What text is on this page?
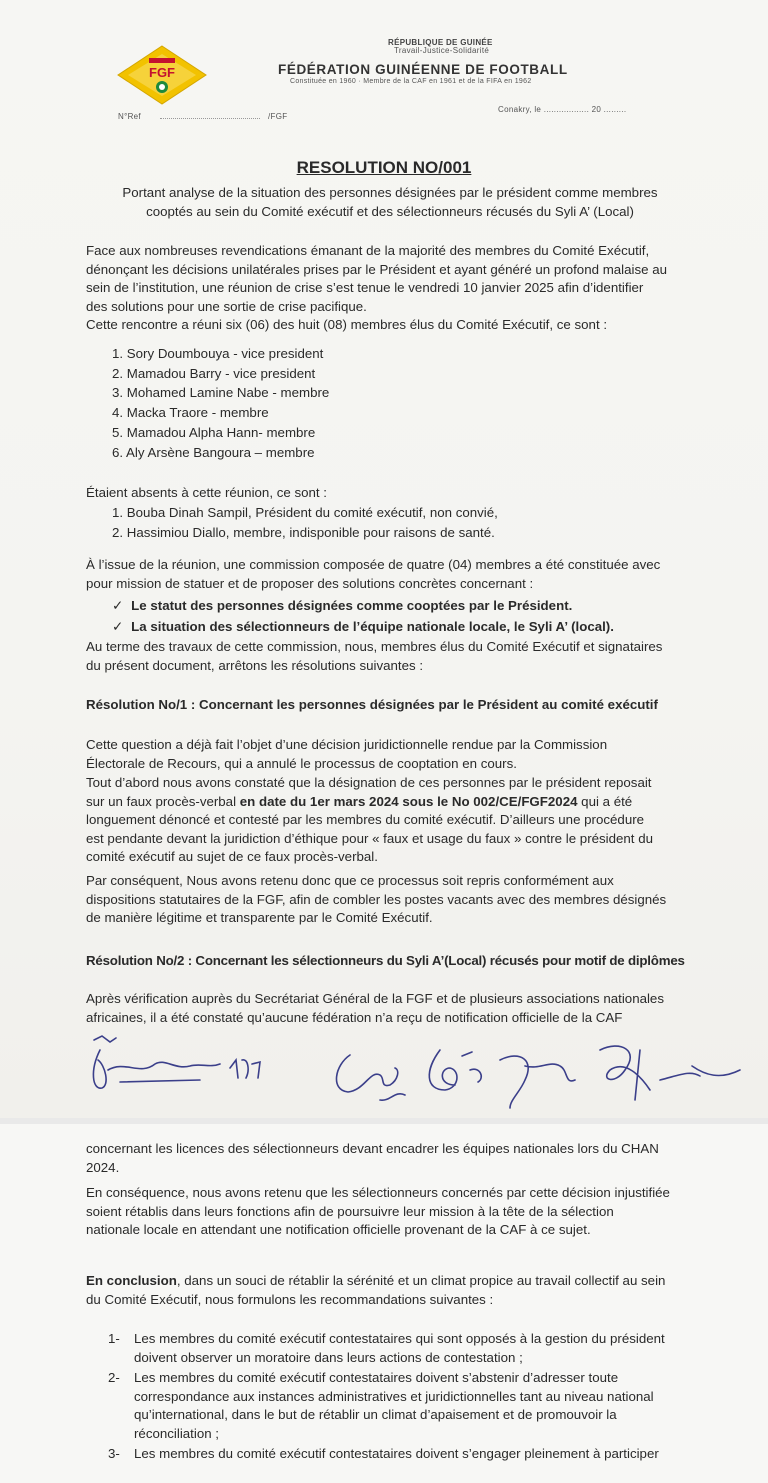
FGF
RÉPUBLIQUE DE GUINÉE
Travail-Justice-Solidarité
FÉDÉRATION GUINÉENNE DE FOOTBALL
Constituée en 1960 · Membre de la CAF en 1961 et de la FIFA en 1962
N°Ref	/FGF
Conakry, le .................. 20 .........
RESOLUTION NO/001
Portant analyse de la situation des personnes désignées par le président comme membres
cooptés au sein du Comité exécutif et des sélectionneurs récusés du Syli A’ (Local)
Face aux nombreuses revendications émanant de la majorité des membres du Comité Exécutif,
dénonçant les décisions unilatérales prises par le Président et ayant généré un profond malaise au
sein de l’institution, une réunion de crise s’est tenue le vendredi 10 janvier 2025 afin d’identifier
des solutions pour une sortie de crise pacifique.
Cette rencontre a réuni six (06) des huit (08) membres élus du Comité Exécutif, ce sont :
1. Sory Doumbouya - vice president
2. Mamadou Barry - vice president
3. Mohamed Lamine Nabe - membre
4. Macka Traore - membre
5. Mamadou Alpha Hann- membre
6. Aly Arsène Bangoura – membre
Étaient absents à cette réunion, ce sont :
1. Bouba Dinah Sampil, Président du comité exécutif, non convié,
2. Hassimiou Diallo, membre, indisponible pour raisons de santé.
À l’issue de la réunion, une commission composée de quatre (04) membres a été constituée avec
pour mission de statuer et de proposer des solutions concrètes concernant :
✓ Le statut des personnes désignées comme cooptées par le Président.
✓ La situation des sélectionneurs de l’équipe nationale locale, le Syli A’ (local).
Au terme des travaux de cette commission, nous, membres élus du Comité Exécutif et signataires
du présent document, arrêtons les résolutions suivantes :
Résolution No/1 : Concernant les personnes désignées par le Président au comité exécutif
Cette question a déjà fait l’objet d’une décision juridictionnelle rendue par la Commission
Électorale de Recours, qui a annulé le processus de cooptation en cours.
Tout d’abord nous avons constaté que la désignation de ces personnes par le président reposait
sur un faux procès-verbal en date du 1er mars 2024 sous le No 002/CE/FGF2024 qui a été
longuement dénoncé et contesté par les membres du comité exécutif. D’ailleurs une procédure
est pendante devant la juridiction d’éthique pour « faux et usage du faux » contre le président du
comité exécutif au sujet de ce faux procès-verbal.
Par conséquent, Nous avons retenu donc que ce processus soit repris conformément aux
dispositions statutaires de la FGF, afin de combler les postes vacants avec des membres désignés
de manière légitime et transparente par le Comité Exécutif.
Résolution No/2 : Concernant les sélectionneurs du Syli A’(Local) récusés pour motif de diplômes
Après vérification auprès du Secrétariat Général de la FGF et de plusieurs associations nationales
africaines, il a été constaté qu’aucune fédération n’a reçu de notification officielle de la CAF
concernant les licences des sélectionneurs devant encadrer les équipes nationales lors du CHAN
2024.
En conséquence, nous avons retenu que les sélectionneurs concernés par cette décision injustifiée
soient rétablis dans leurs fonctions afin de poursuivre leur mission à la tête de la sélection
nationale locale en attendant une notification officielle provenant de la CAF à ce sujet.
En conclusion, dans un souci de rétablir la sérénité et un climat propice au travail collectif au sein
du Comité Exécutif, nous formulons les recommandations suivantes :
1-	Les membres du comité exécutif contestataires qui sont opposés à la gestion du président
doivent observer un moratoire dans leurs actions de contestation ;
2-	Les membres du comité exécutif contestataires doivent s’abstenir d’adresser toute
correspondance aux instances administratives et juridictionnelles tant au niveau national
qu’international, dans le but de rétablir un climat d’apaisement et de promouvoir la
réconciliation ;
3-	Les membres du comité exécutif contestataires doivent s’engager pleinement à participer
